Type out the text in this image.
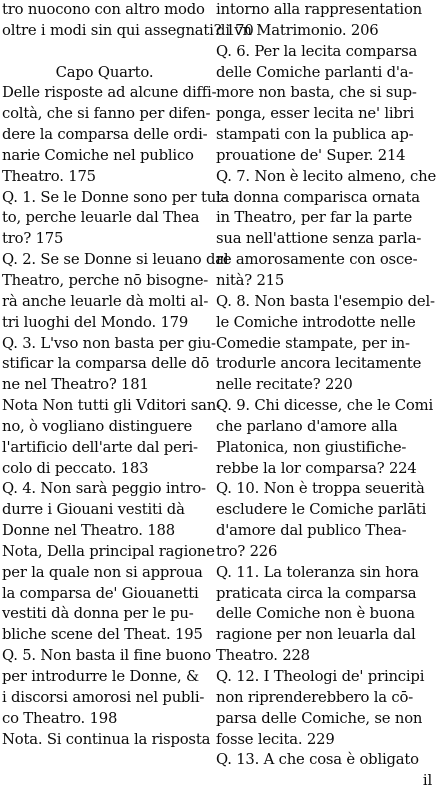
tro nuocono con altro modo
oltre i modi sin qui assegnati? 170
Capo Quarto.
Delle risposte ad alcune diffi-
coltà, che si fanno per difen-
dere la comparsa delle ordi-
narie Comiche nel publico
Theatro. 175
Q. 1. Se le Donne sono per tut-
to, perche leuarle dal Thea
tro? 175
Q. 2. Se se Donne si leuano dal
Theatro, perche nō bisogne-
rà anche leuarle dà molti al-
tri luoghi del Mondo. 179
Q. 3. L'vso non basta per giu-
stificar la comparsa delle dō
ne nel Theatro? 181
Nota Non tutti gli Vditori san-
no, ò vogliano distinguere
l'artificio dell'arte dal peri-
colo di peccato. 183
Q. 4. Non sarà peggio intro-
durre i Giouani vestiti dà
Donne nel Theatro. 188
Nota, Della principal ragione
per la quale non si approua
la comparsa de' Giouanetti
vestiti dà donna per le pu-
bliche scene del Theat. 195
Q. 5. Non basta il fine buono
per introdurre le Donne, &
i discorsi amorosi nel publi-
co Theatro. 198
Nota. Si continua la risposta
intorno alla rappresentation
di vn Matrimonio. 206
Q. 6. Per la lecita comparsa
delle Comiche parlanti d'a-
more non basta, che si sup-
ponga, esser lecita ne' libri
stampati con la publica ap-
prouatione de' Super. 214
Q. 7. Non è lecito almeno, che
la donna comparisca ornata
in Theatro, per far la parte
sua nell'attione senza parla-
re amorosamente con osce-
nità? 215
Q. 8. Non basta l'esempio del-
le Comiche introdotte nelle
Comedie stampate, per in-
trodurle ancora lecitamente
nelle recitate? 220
Q. 9. Chi dicesse, che le Comi
che parlano d'amore alla
Platonica, non giustifiche-
rebbe la lor comparsa? 224
Q. 10. Non è troppa seuerità
escludere le Comiche parlāti
d'amore dal publico Thea-
tro? 226
Q. 11. La toleranza sin hora
praticata circa la comparsa
delle Comiche non è buona
ragione per non leuarla dal
Theatro. 228
Q. 12. I Theologi de' principi
non riprenderebbero la cō-
parsa delle Comiche, se non
fosse lecita. 229
Q. 13. A che cosa è obligato
il
